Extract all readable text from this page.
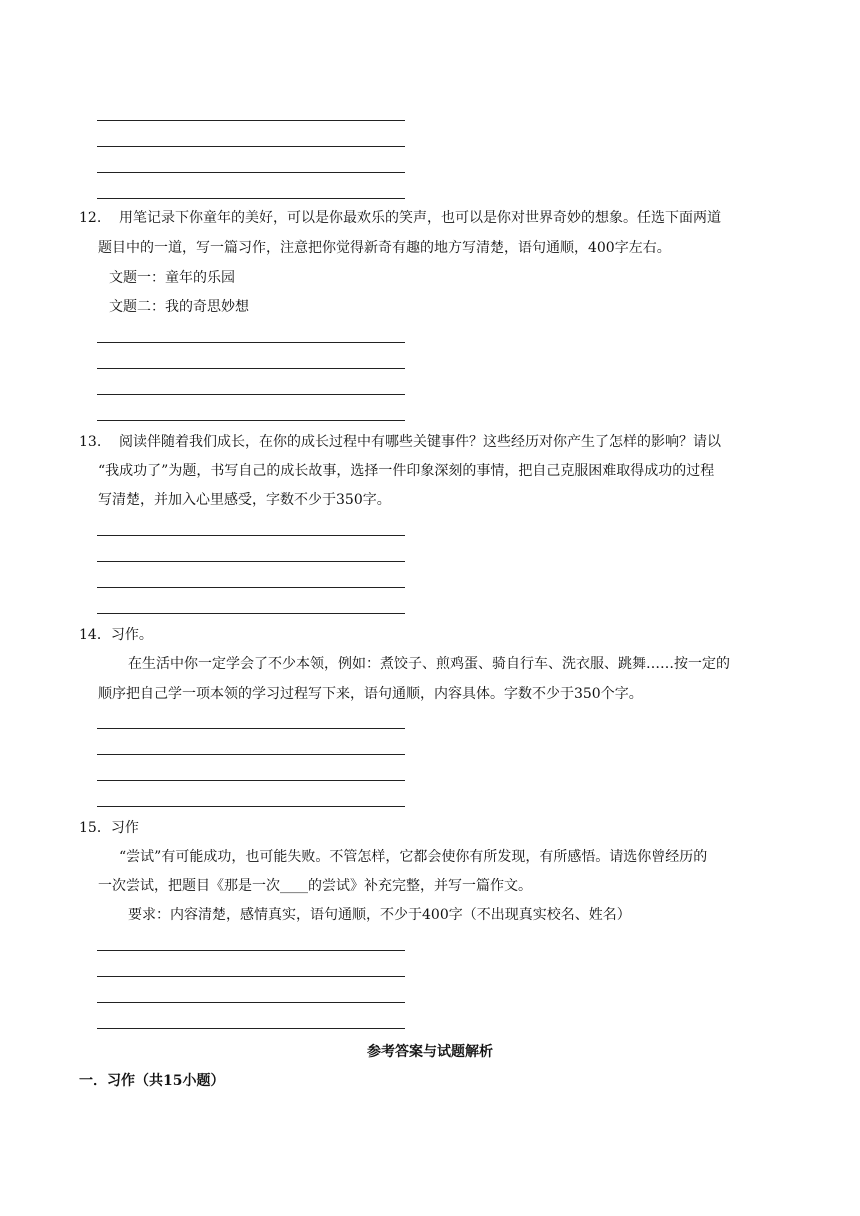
12. 用笔记录下你童年的美好，可以是你最欢乐的笑声，也可以是你对世界奇妙的想象。任选下面两道
题目中的一道，写一篇习作，注意把你觉得新奇有趣的地方写清楚，语句通顺，400字左右。
文题一：童年的乐园
文题二：我的奇思妙想
13. 阅读伴随着我们成长，在你的成长过程中有哪些关键事件？这些经历对你产生了怎样的影响？请以
“我成功了”为题，书写自己的成长故事，选择一件印象深刻的事情，把自己克服困难取得成功的过程
写清楚，并加入心里感受，字数不少于350字。
14．习作。
在生活中你一定学会了不少本领，例如：煮饺子、煎鸡蛋、骑自行车、洗衣服、跳舞……按一定的
顺序把自己学一项本领的学习过程写下来，语句通顺，内容具体。字数不少于350个字。
15．习作
“尝试”有可能成功，也可能失败。不管怎样，它都会使你有所发现，有所感悟。请选你曾经历的
一次尝试，把题目《那是一次____的尝试》补充完整，并写一篇作文。
要求：内容清楚，感情真实，语句通顺，不少于400字（不出现真实校名、姓名）
参考答案与试题解析
一．习作（共15小题）
